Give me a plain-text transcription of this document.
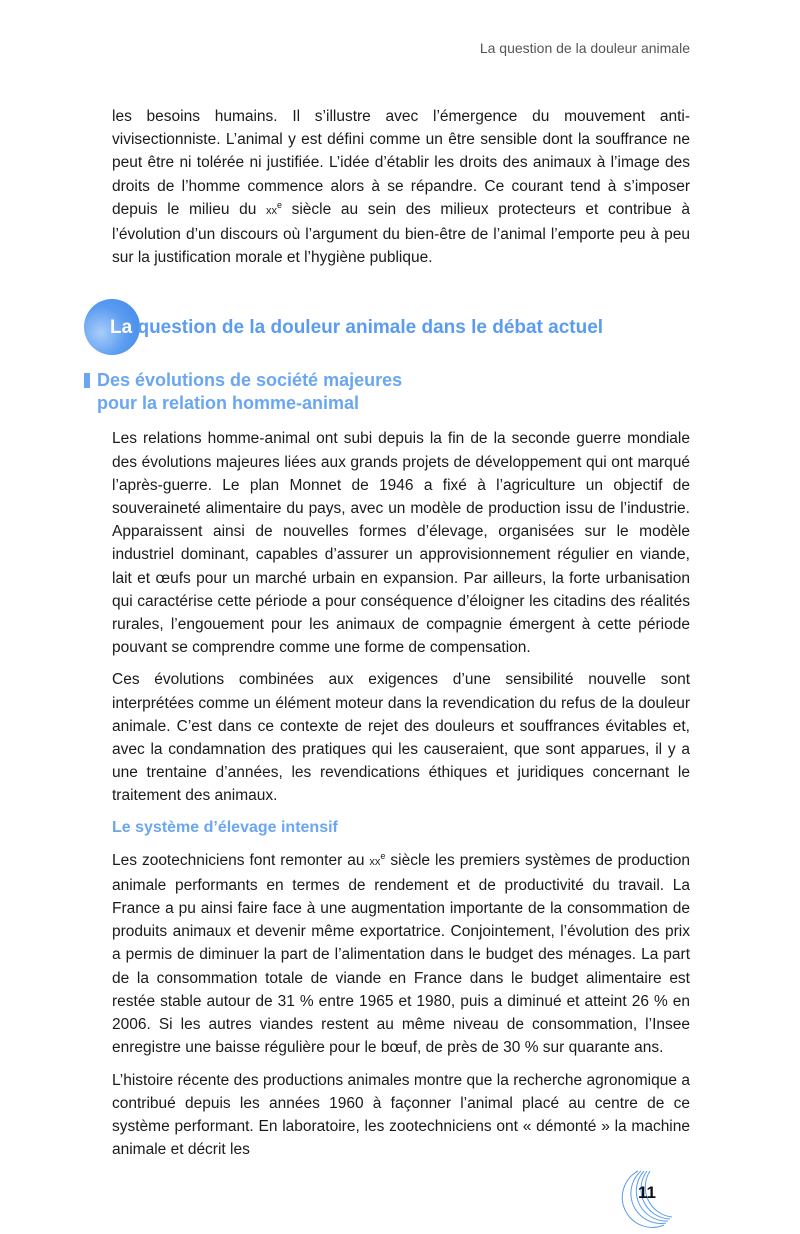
La question de la douleur animale

les besoins humains. Il s’illustre avec l’émergence du mouvement anti-vivisectionniste. L’animal y est défini comme un être sensible dont la souffrance ne peut être ni tolérée ni justifiée. L’idée d’établir les droits des animaux à l’image des droits de l’homme commence alors à se répandre. Ce courant tend à s’imposer depuis le milieu du $xx^e$ siècle au sein des milieux protecteurs et contribue à l’évolution d’un discours où l’argument du bien-être de l’animal l’emporte peu à peu sur la justification morale et l’hygiène publique.

La question de la douleur animale dans le débat actuel
Des évolutions de société majeures
pour la relation homme-animal

Les relations homme-animal ont subi depuis la fin de la seconde guerre mondiale des évolutions majeures liées aux grands projets de développement qui ont marqué l’après-guerre. Le plan Monnet de 1946 a fixé à l’agriculture un objectif de souveraineté alimentaire du pays, avec un modèle de production issu de l’industrie. Apparaissent ainsi de nouvelles formes d’élevage, organisées sur le modèle industriel dominant, capables d’assurer un approvisionnement régulier en viande, lait et œufs pour un marché urbain en expansion. Par ailleurs, la forte urbanisation qui caractérise cette période a pour conséquence d’éloigner les citadins des réalités rurales, l’engouement pour les animaux de compagnie émergent à cette période pouvant se comprendre comme une forme de compensation.

Ces évolutions combinées aux exigences d’une sensibilité nouvelle sont interprétées comme un élément moteur dans la revendication du refus de la douleur animale. C’est dans ce contexte de rejet des douleurs et souffrances évitables et, avec la condamnation des pratiques qui les causeraient, que sont apparues, il y a une trentaine d’années, les revendications éthiques et juridiques concernant le traitement des animaux.

Le système d’élevage intensif

Les zootechniciens font remonter au $xx^e$ siècle les premiers systèmes de production animale performants en termes de rendement et de productivité du travail. La France a pu ainsi faire face à une augmentation importante de la consommation de produits animaux et devenir même exportatrice. Conjointement, l’évolution des prix a permis de diminuer la part de l’alimentation dans le budget des ménages. La part de la consommation totale de viande en France dans le budget alimentaire est restée stable autour de 31 % entre 1965 et 1980, puis a diminué et atteint 26 % en 2006. Si les autres viandes restent au même niveau de consommation, l’Insee enregistre une baisse régulière pour le bœuf, de près de 30 % sur quarante ans.

L’histoire récente des productions animales montre que la recherche agronomique a contribué depuis les années 1960 à façonner l’animal placé au centre de ce système performant. En laboratoire, les zootechniciens ont « démonté » la machine animale et décrit les

11
